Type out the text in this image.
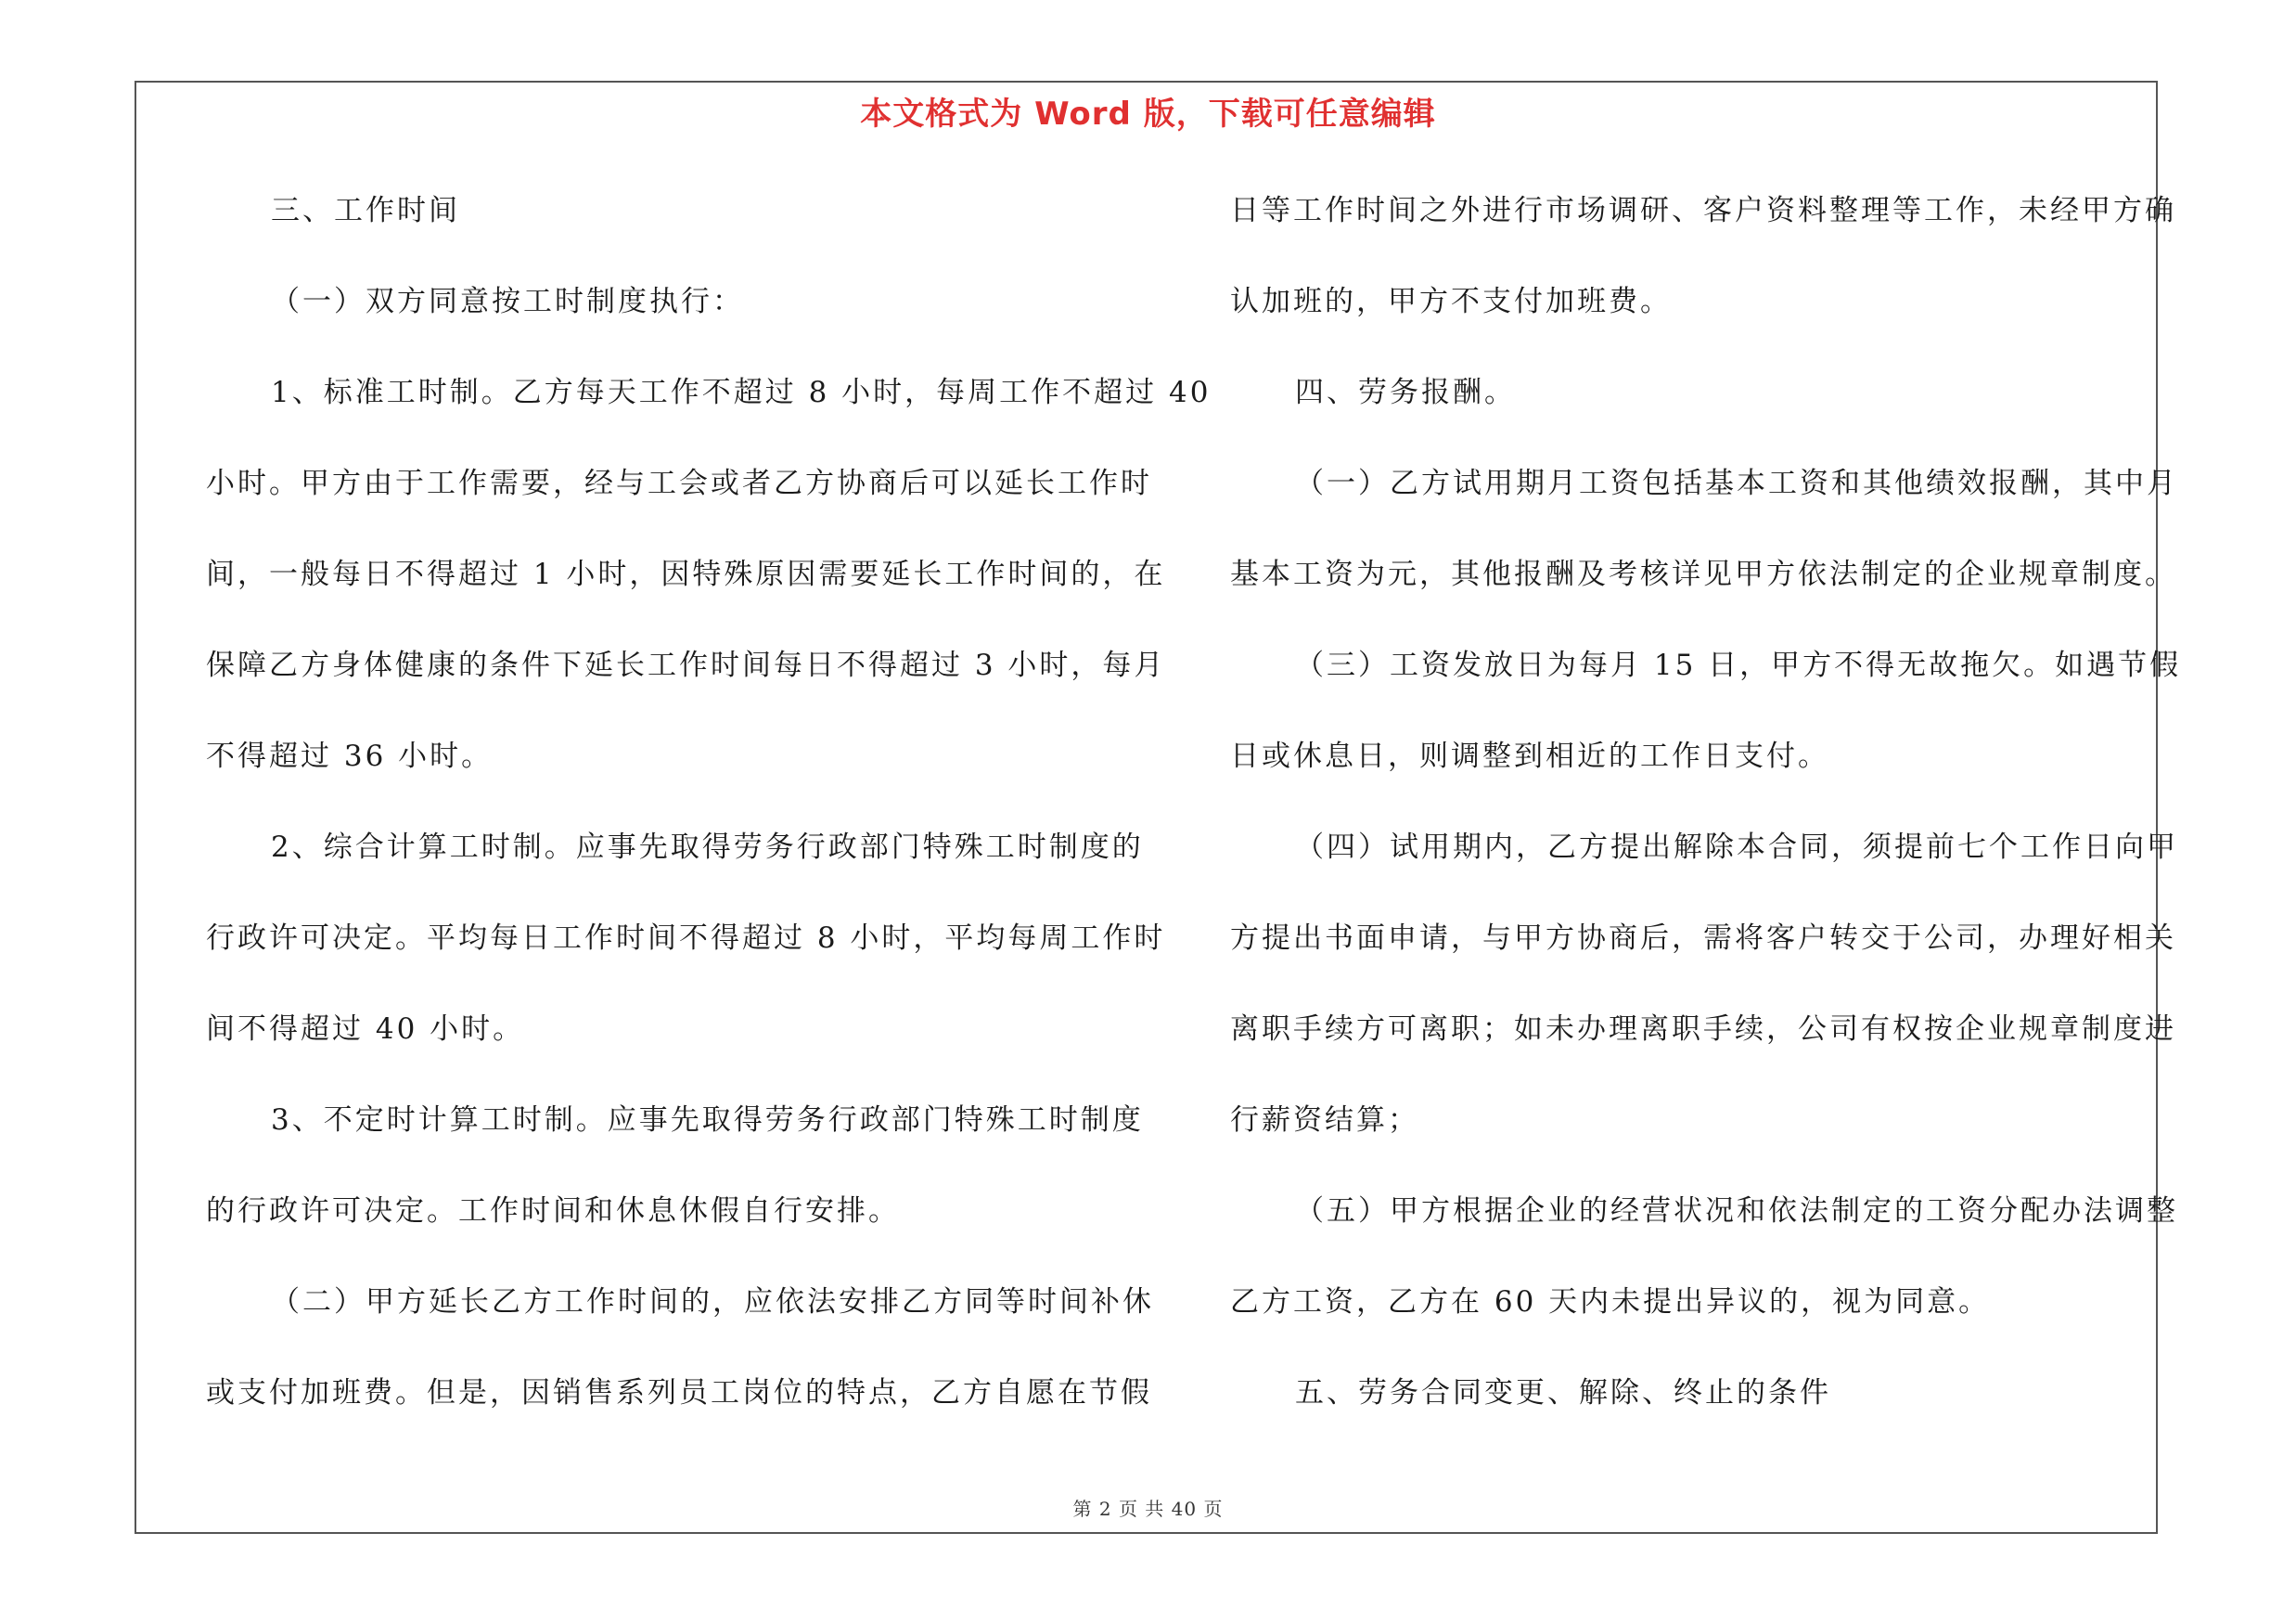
本文格式为 Word 版，下载可任意编辑
三、工作时间
（一）双方同意按工时制度执行：
1、标准工时制。乙方每天工作不超过 8 小时，每周工作不超过 40
小时。甲方由于工作需要，经与工会或者乙方协商后可以延长工作时
间，一般每日不得超过 1 小时，因特殊原因需要延长工作时间的，在
保障乙方身体健康的条件下延长工作时间每日不得超过 3 小时，每月
不得超过 36 小时。
2、综合计算工时制。应事先取得劳务行政部门特殊工时制度的
行政许可决定。平均每日工作时间不得超过 8 小时，平均每周工作时
间不得超过 40 小时。
3、不定时计算工时制。应事先取得劳务行政部门特殊工时制度
的行政许可决定。工作时间和休息休假自行安排。
（二）甲方延长乙方工作时间的，应依法安排乙方同等时间补休
或支付加班费。但是，因销售系列员工岗位的特点，乙方自愿在节假
日等工作时间之外进行市场调研、客户资料整理等工作，未经甲方确
认加班的，甲方不支付加班费。
四、劳务报酬。
（一）乙方试用期月工资包括基本工资和其他绩效报酬，其中月
基本工资为元，其他报酬及考核详见甲方依法制定的企业规章制度。
（三）工资发放日为每月 15 日，甲方不得无故拖欠。如遇节假
日或休息日，则调整到相近的工作日支付。
（四）试用期内，乙方提出解除本合同，须提前七个工作日向甲
方提出书面申请，与甲方协商后，需将客户转交于公司，办理好相关
离职手续方可离职；如未办理离职手续，公司有权按企业规章制度进
行薪资结算；
（五）甲方根据企业的经营状况和依法制定的工资分配办法调整
乙方工资，乙方在 60 天内未提出异议的，视为同意。
五、劳务合同变更、解除、终止的条件
第 2 页 共 40 页
